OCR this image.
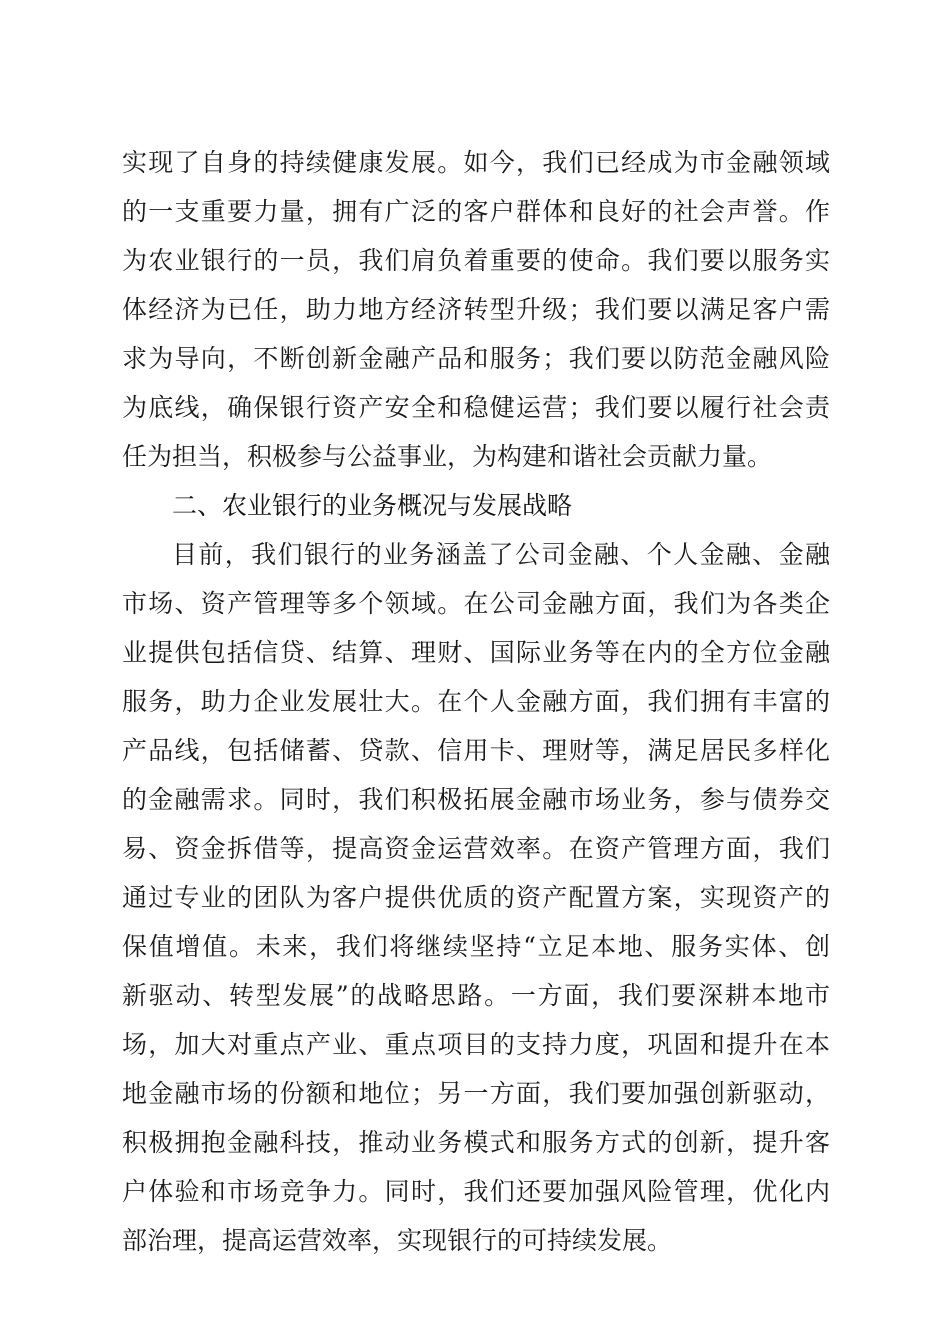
实现了自身的持续健康发展。如今，我们已经成为市金融领域
的一支重要力量，拥有广泛的客户群体和良好的社会声誉。作
为农业银行的一员，我们肩负着重要的使命。我们要以服务实
体经济为已任，助力地方经济转型升级；我们要以满足客户需
求为导向，不断创新金融产品和服务；我们要以防范金融风险
为底线，确保银行资产安全和稳健运营；我们要以履行社会责
任为担当，积极参与公益事业，为构建和谐社会贡献力量。
二、农业银行的业务概况与发展战略
目前，我们银行的业务涵盖了公司金融、个人金融、金融
市场、资产管理等多个领域。在公司金融方面，我们为各类企
业提供包括信贷、结算、理财、国际业务等在内的全方位金融
服务，助力企业发展壮大。在个人金融方面，我们拥有丰富的
产品线，包括储蓄、贷款、信用卡、理财等，满足居民多样化
的金融需求。同时，我们积极拓展金融市场业务，参与债券交
易、资金拆借等，提高资金运营效率。在资产管理方面，我们
通过专业的团队为客户提供优质的资产配置方案，实现资产的
保值增值。未来，我们将继续坚持“立足本地、服务实体、创
新驱动、转型发展”的战略思路。一方面，我们要深耕本地市
场，加大对重点产业、重点项目的支持力度，巩固和提升在本
地金融市场的份额和地位；另一方面，我们要加强创新驱动，
积极拥抱金融科技，推动业务模式和服务方式的创新，提升客
户体验和市场竞争力。同时，我们还要加强风险管理，优化内
部治理，提高运营效率，实现银行的可持续发展。
